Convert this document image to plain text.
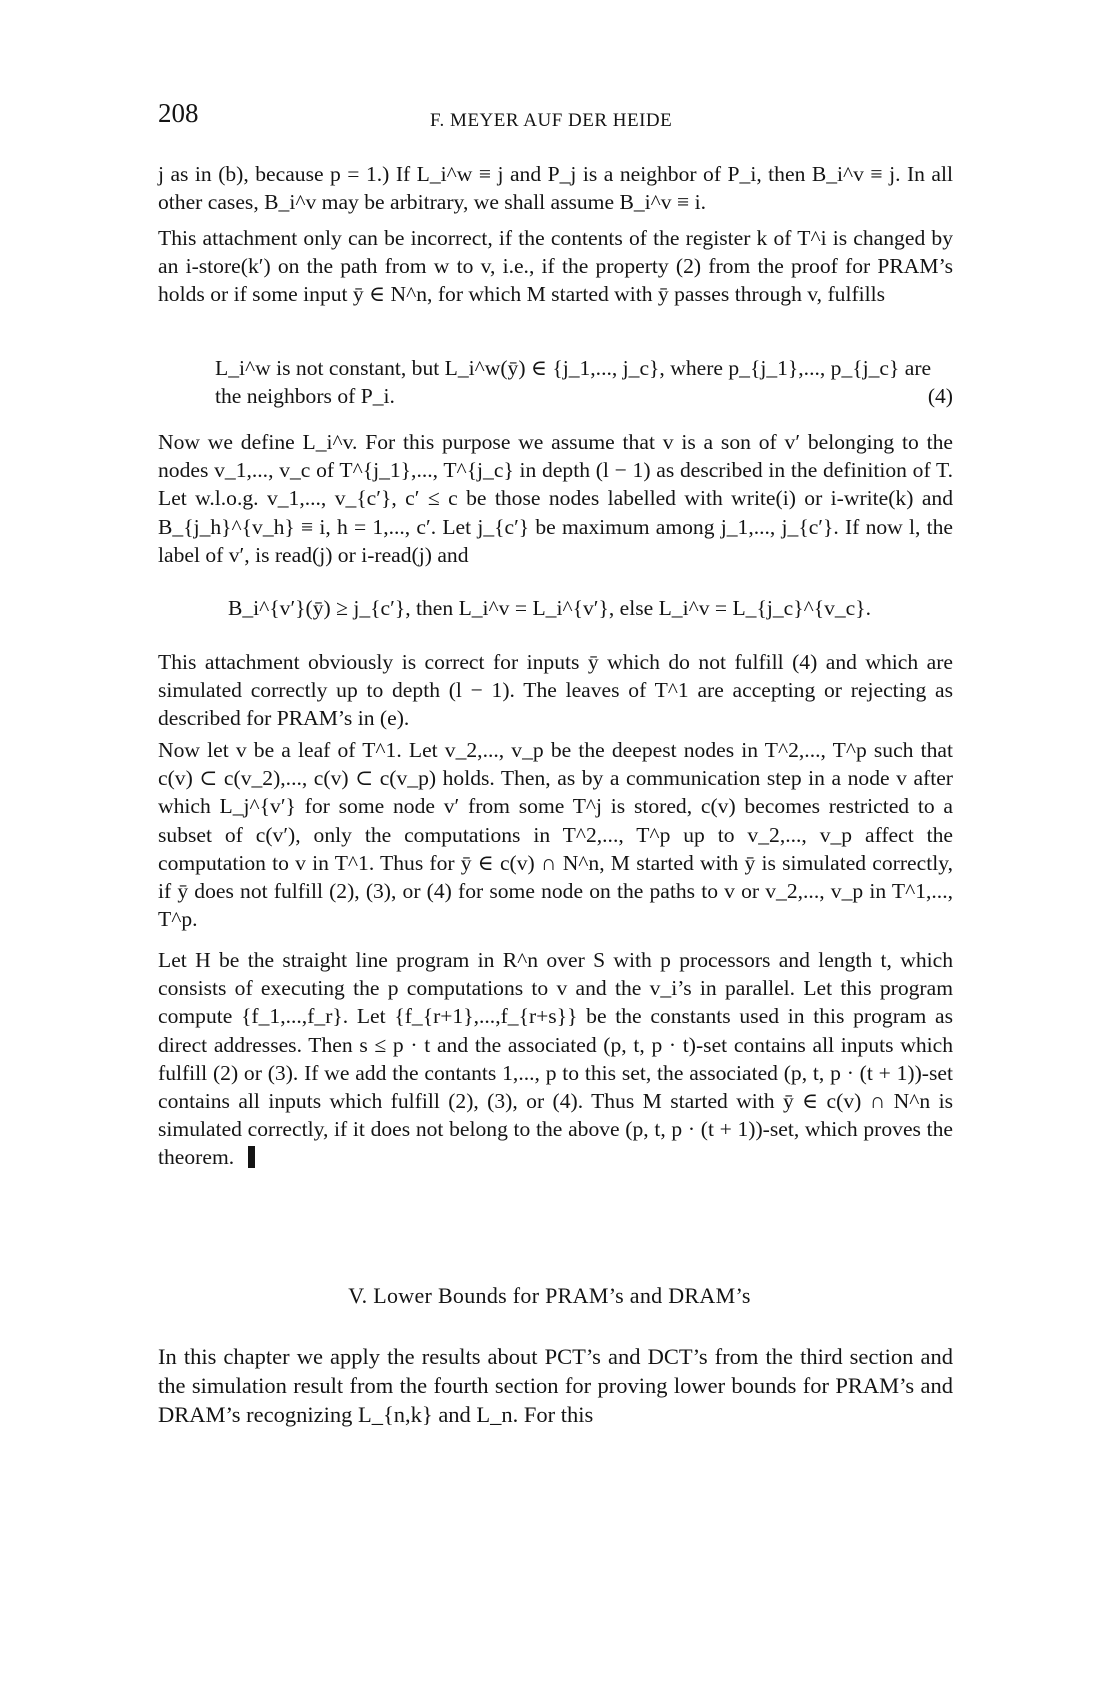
208	F. MEYER AUF DER HEIDE

j as in (b), because p = 1.) If L_i^w ≡ j and P_j is a neighbor of P_i, then B_i^v ≡ j. In all other cases, B_i^v may be arbitrary, we shall assume B_i^v ≡ i.

This attachment only can be incorrect, if the contents of the register k of T^i is changed by an i-store(k′) on the path from w to v, i.e., if the property (2) from the proof for PRAM’s holds or if some input ȳ ∈ N^n, for which M started with ȳ passes through v, fulfills

L_i^w is not constant, but L_i^w(ȳ) ∈ {j_1,..., j_c}, where p_{j_1},..., p_{j_c} are the neighbors of P_i.	(4)

Now we define L_i^v. For this purpose we assume that v is a son of v′ belonging to the nodes v_1,..., v_c of T^{j_1},..., T^{j_c} in depth (l − 1) as described in the definition of T. Let w.l.o.g. v_1,..., v_{c′}, c′ ≤ c be those nodes labelled with write(i) or i-write(k) and B_{j_h}^{v_h} ≡ i, h = 1,..., c′. Let j_{c′} be maximum among j_1,..., j_{c′}. If now l, the label of v′, is read(j) or i-read(j) and

B_i^{v′}(ȳ) ≥ j_{c′}, then L_i^v = L_i^{v′}, else L_i^v = L_{j_c}^{v_c}.

This attachment obviously is correct for inputs ȳ which do not fulfill (4) and which are simulated correctly up to depth (l − 1). The leaves of T^1 are accepting or rejecting as described for PRAM’s in (e).

Now let v be a leaf of T^1. Let v_2,..., v_p be the deepest nodes in T^2,..., T^p such that c(v) ⊂ c(v_2),..., c(v) ⊂ c(v_p) holds. Then, as by a communication step in a node v after which L_j^{v′} for some node v′ from some T^j is stored, c(v) becomes restricted to a subset of c(v′), only the computations in T^2,..., T^p up to v_2,..., v_p affect the computation to v in T^1. Thus for ȳ ∈ c(v) ∩ N^n, M started with ȳ is simulated correctly, if ȳ does not fulfill (2), (3), or (4) for some node on the paths to v or v_2,..., v_p in T^1,..., T^p.

Let H be the straight line program in R^n over S with p processors and length t, which consists of executing the p computations to v and the v_i’s in parallel. Let this program compute {f_1,...,f_r}. Let {f_{r+1},...,f_{r+s}} be the constants used in this program as direct addresses. Then s ≤ p · t and the associated (p, t, p · t)-set contains all inputs which fulfill (2) or (3). If we add the contants 1,..., p to this set, the associated (p, t, p · (t + 1))-set contains all inputs which fulfill (2), (3), or (4). Thus M started with ȳ ∈ c(v) ∩ N^n is simulated correctly, if it does not belong to the above (p, t, p · (t + 1))-set, which proves the theorem.

V. Lower Bounds for PRAM’s and DRAM’s

In this chapter we apply the results about PCT’s and DCT’s from the third section and the simulation result from the fourth section for proving lower bounds for PRAM’s and DRAM’s recognizing L_{n,k} and L_n. For this
